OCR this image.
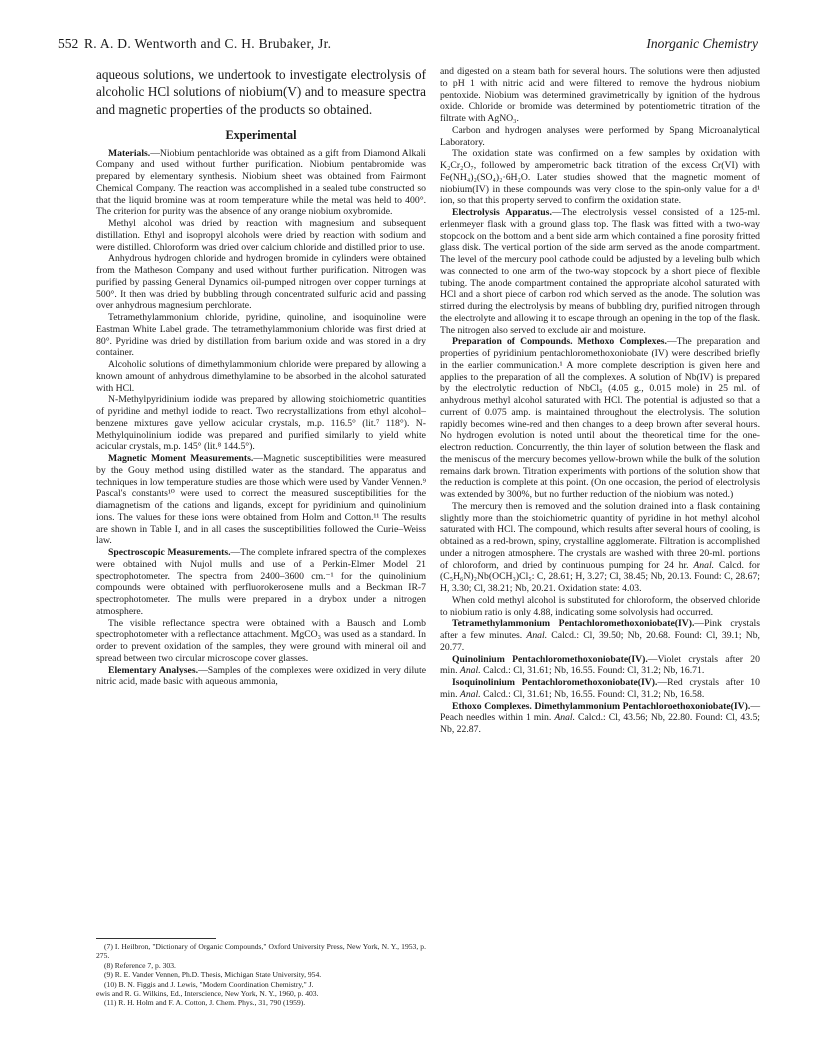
552 R. A. D. Wentworth and C. H. Brubaker, Jr.	Inorganic Chemistry

aqueous solutions, we undertook to investigate electrolysis of alcoholic HCl solutions of niobium(V) and to measure spectra and magnetic properties of the products so obtained.

Experimental

Materials.—Niobium pentachloride was obtained as a gift from Diamond Alkali Company and used without further purification. Niobium pentabromide was prepared by elementary synthesis. Niobium sheet was obtained from Fairmont Chemical Company. The reaction was accomplished in a sealed tube constructed so that the liquid bromine was at room temperature while the metal was held to 400°. The criterion for purity was the absence of any orange niobium oxybromide.

Methyl alcohol was dried by reaction with magnesium and subsequent distillation. Ethyl and isopropyl alcohols were dried by reaction with sodium and were distilled. Chloroform was dried over calcium chloride and distilled prior to use.

Anhydrous hydrogen chloride and hydrogen bromide in cylinders were obtained from the Matheson Company and used without further purification. Nitrogen was purified by passing General Dynamics oil-pumped nitrogen over copper turnings at 500°. It then was dried by bubbling through concentrated sulfuric acid and passing over anhydrous magnesium perchlorate.

Tetramethylammonium chloride, pyridine, quinoline, and isoquinoline were Eastman White Label grade. The tetramethylammonium chloride was first dried at 80°. Pyridine was dried by distillation from barium oxide and was stored in a dry container.

Alcoholic solutions of dimethylammonium chloride were prepared by allowing a known amount of anhydrous dimethylamine to be absorbed in the alcohol saturated with HCl.

N-Methylpyridinium iodide was prepared by allowing stoichiometric quantities of pyridine and methyl iodide to react. Two recrystallizations from ethyl alcohol–benzene mixtures gave yellow acicular crystals, m.p. 116.5° (lit.⁷ 118°). N-Methylquinolinium iodide was prepared and purified similarly to yield white acicular crystals, m.p. 145° (lit.⁸ 144.5°).

Magnetic Moment Measurements.—Magnetic susceptibilities were measured by the Gouy method using distilled water as the standard. The apparatus and techniques in low temperature studies are those which were used by Vander Vennen.⁹ Pascal's constants¹⁰ were used to correct the measured susceptibilities for the diamagnetism of the cations and ligands, except for pyridinium and quinolinium ions. The values for these ions were obtained from Holm and Cotton.¹¹ The results are shown in Table I, and in all cases the susceptibilities followed the Curie–Weiss law.

Spectroscopic Measurements.—The complete infrared spectra of the complexes were obtained with Nujol mulls and use of a Perkin-Elmer Model 21 spectrophotometer. The spectra from 2400–3600 cm.⁻¹ for the quinolinium compounds were obtained with perfluorokerosene mulls and a Beckman IR-7 spectrophotometer. The mulls were prepared in a drybox under a nitrogen atmosphere.

The visible reflectance spectra were obtained with a Bausch and Lomb spectrophotometer with a reflectance attachment. MgCO₃ was used as a standard. In order to prevent oxidation of the samples, they were ground with mineral oil and spread between two circular microscope cover glasses.

Elementary Analyses.—Samples of the complexes were oxidized in very dilute nitric acid, made basic with aqueous ammonia,

(7) I. Heilbron, "Dictionary of Organic Compounds," Oxford University Press, New York, N. Y., 1953, p. 275.

(8) Reference 7, p. 303.

(9) R. E. Vander Vennen, Ph.D. Thesis, Michigan State University, 954.

(10) B. N. Figgis and J. Lewis, "Modern Coordination Chemistry," J.

ewis and R. G. Wilkins, Ed., Interscience, New York, N. Y., 1960, p. 403.

(11) R. H. Holm and F. A. Cotton, J. Chem. Phys., 31, 790 (1959).

and digested on a steam bath for several hours. The solutions were then adjusted to pH 1 with nitric acid and were filtered to remove the hydrous niobium pentoxide. Niobium was determined gravimetrically by ignition of the hydrous oxide. Chloride or bromide was determined by potentiometric titration of the filtrate with AgNO₃.

Carbon and hydrogen analyses were performed by Spang Microanalytical Laboratory.

The oxidation state was confirmed on a few samples by oxidation with K₂Cr₂O₇, followed by amperometric back titration of the excess Cr(VI) with Fe(NH₄)₂(SO₄)₂·6H₂O. Later studies showed that the magnetic moment of niobium(IV) in these compounds was very close to the spin-only value for a d¹ ion, so that this property served to confirm the oxidation state.

Electrolysis Apparatus.—The electrolysis vessel consisted of a 125-ml. erlenmeyer flask with a ground glass top. The flask was fitted with a two-way stopcock on the bottom and a bent side arm which contained a fine porosity fritted glass disk. The vertical portion of the side arm served as the anode compartment. The level of the mercury pool cathode could be adjusted by a leveling bulb which was connected to one arm of the two-way stopcock by a short piece of flexible tubing. The anode compartment contained the appropriate alcohol saturated with HCl and a short piece of carbon rod which served as the anode. The solution was stirred during the electrolysis by means of bubbling dry, purified nitrogen through the electrolyte and allowing it to escape through an opening in the top of the flask. The nitrogen also served to exclude air and moisture.

Preparation of Compounds. Methoxo Complexes.—The preparation and properties of pyridinium pentachloromethoxoniobate (IV) were described briefly in the earlier communication.¹ A more complete description is given here and applies to the preparation of all the complexes. A solution of Nb(IV) is prepared by the electrolytic reduction of NbCl₅ (4.05 g., 0.015 mole) in 25 ml. of anhydrous methyl alcohol saturated with HCl. The potential is adjusted so that a current of 0.075 amp. is maintained throughout the electrolysis. The solution rapidly becomes wine-red and then changes to a deep brown after several hours. No hydrogen evolution is noted until about the theoretical time for the one-electron reduction. Concurrently, the thin layer of solution between the flask and the meniscus of the mercury becomes yellow-brown while the bulk of the solution remains dark brown. Titration experiments with portions of the solution show that the reduction is complete at this point. (On one occasion, the period of electrolysis was extended by 300%, but no further reduction of the niobium was noted.)

The mercury then is removed and the solution drained into a flask containing slightly more than the stoichiometric quantity of pyridine in hot methyl alcohol saturated with HCl. The compound, which results after several hours of cooling, is obtained as a red-brown, spiny, crystalline agglomerate. Filtration is accomplished under a nitrogen atmosphere. The crystals are washed with three 20-ml. portions of chloroform, and dried by continuous pumping for 24 hr. Anal. Calcd. for (C₅H₆N)₂Nb(OCH₃)Cl₅: C, 28.61; H, 3.27; Cl, 38.45; Nb, 20.13. Found: C, 28.67; H, 3.30; Cl, 38.21; Nb, 20.21. Oxidation state: 4.03.

When cold methyl alcohol is substituted for chloroform, the observed chloride to niobium ratio is only 4.88, indicating some solvolysis had occurred.

Tetramethylammonium Pentachloromethoxoniobate(IV).—Pink crystals after a few minutes. Anal. Calcd.: Cl, 39.50; Nb, 20.68. Found: Cl, 39.1; Nb, 20.77.

Quinolinium Pentachloromethoxoniobate(IV).—Violet crystals after 20 min. Anal. Calcd.: Cl, 31.61; Nb, 16.55. Found: Cl, 31.2; Nb, 16.71.

Isoquinolinium Pentachloromethoxoniobate(IV).—Red crystals after 10 min. Anal. Calcd.: Cl, 31.61; Nb, 16.55. Found: Cl, 31.2; Nb, 16.58.

Ethoxo Complexes. Dimethylammonium Pentachloroethoxoniobate(IV).—Peach needles within 1 min. Anal. Calcd.: Cl, 43.56; Nb, 22.80. Found: Cl, 43.5; Nb, 22.87.
